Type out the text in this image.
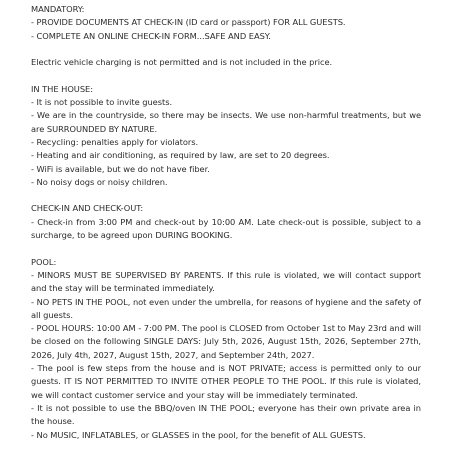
MANDATORY:
- PROVIDE DOCUMENTS AT CHECK-IN (ID card or passport) FOR ALL GUESTS.
- COMPLETE AN ONLINE CHECK-IN FORM...SAFE AND EASY.
Electric vehicle charging is not permitted and is not included in the price.
IN THE HOUSE:
- It is not possible to invite guests.
- We are in the countryside, so there may be insects. We use non-harmful treatments, but we are SURROUNDED BY NATURE.
- Recycling: penalties apply for violators.
- Heating and air conditioning, as required by law, are set to 20 degrees.
- WiFi is available, but we do not have fiber.
- No noisy dogs or noisy children.
CHECK-IN AND CHECK-OUT:
- Check-in from 3:00 PM and check-out by 10:00 AM. Late check-out is possible, subject to a surcharge, to be agreed upon DURING BOOKING.
POOL:
- MINORS MUST BE SUPERVISED BY PARENTS. If this rule is violated, we will contact support and the stay will be terminated immediately.
- NO PETS IN THE POOL, not even under the umbrella, for reasons of hygiene and the safety of all guests.
- POOL HOURS: 10:00 AM - 7:00 PM. The pool is CLOSED from October 1st to May 23rd and will be closed on the following SINGLE DAYS: July 5th, 2026, August 15th, 2026, September 27th, 2026, July 4th, 2027, August 15th, 2027, and September 24th, 2027.
- The pool is few steps from the house and is NOT PRIVATE; access is permitted only to our guests. IT IS NOT PERMITTED TO INVITE OTHER PEOPLE TO THE POOL. If this rule is violated, we will contact customer service and your stay will be immediately terminated.
- It is not possible to use the BBQ/oven IN THE POOL; everyone has their own private area in the house.
- No MUSIC, INFLATABLES, or GLASSES in the pool, for the benefit of ALL GUESTS.
